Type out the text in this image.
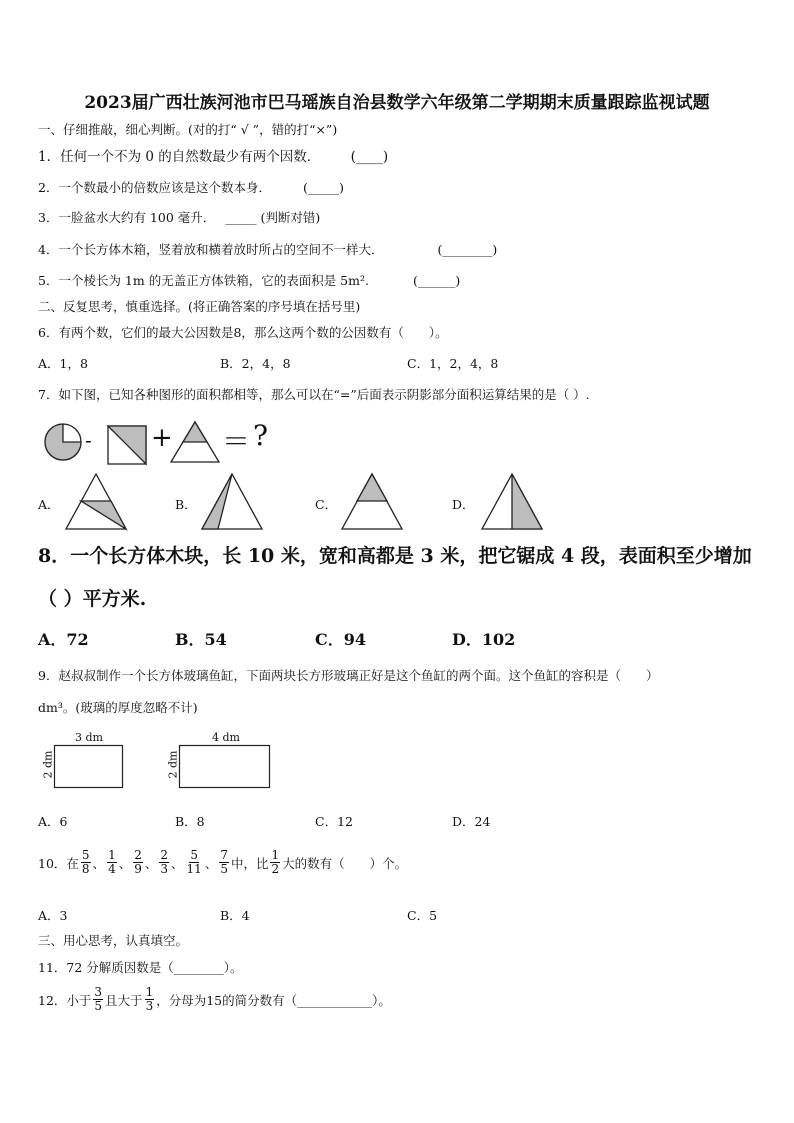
2023届广西壮族河池市巴马瑶族自治县数学六年级第二学期期末质量跟踪监视试题
一、仔细推敲，细心判断。(对的打“ √ ”，错的打“×”)
1．任何一个不为 0 的自然数最少有两个因数． (____)
2．一个数最小的倍数应该是这个数本身．	(_____)
3．一脸盆水大约有 100 毫升． _____ (判断对错)
4．一个长方体木箱，竖着放和横着放时所占的空间不一样大．	(________)
5．一个棱长为 1m 的无盖正方体铁箱，它的表面积是 5m².	(______)
二、反复思考，慎重选择。(将正确答案的序号填在括号里)
6．有两个数，它们的最大公因数是8，那么这两个数的公因数有（　　）。
A．1，8	B．2，4，8	C．1，2，4，8
7．如下图，已知各种图形的面积都相等，那么可以在“=”后面表示阴影部分面积运算结果的是（ ）.
- + ＝ ?
A．	B．	C．	D．
8．一个长方体木块，长 10 米，宽和高都是 3 米，把它锯成 4 段，表面积至少增加
（ ）平方米.
A．72	B．54	C．94	D．102
9．赵叔叔制作一个长方体玻璃鱼缸，下面两块长方形玻璃正好是这个鱼缸的两个面。这个鱼缸的容积是（　　）
dm³。(玻璃的厚度忽略不计)
3 dm
2 dm
4 dm
2 dm
A．6	B．8	C．12	D．24
10．在 $\frac{5}{8}$ 、 $\frac{1}{4}$ 、 $\frac{2}{9}$ 、 $\frac{2}{3}$ 、 $\frac{5}{11}$ 、 $\frac{7}{5}$ 中，比 $\frac{1}{2}$ 大的数有（　　）个。
A．3	B．4	C．5
三、用心思考，认真填空。
11．72 分解质因数是（________）。
12．小于 $\frac{3}{5}$ 且大于 $\frac{1}{3}$ ，分母为15的简分数有（____________）。
